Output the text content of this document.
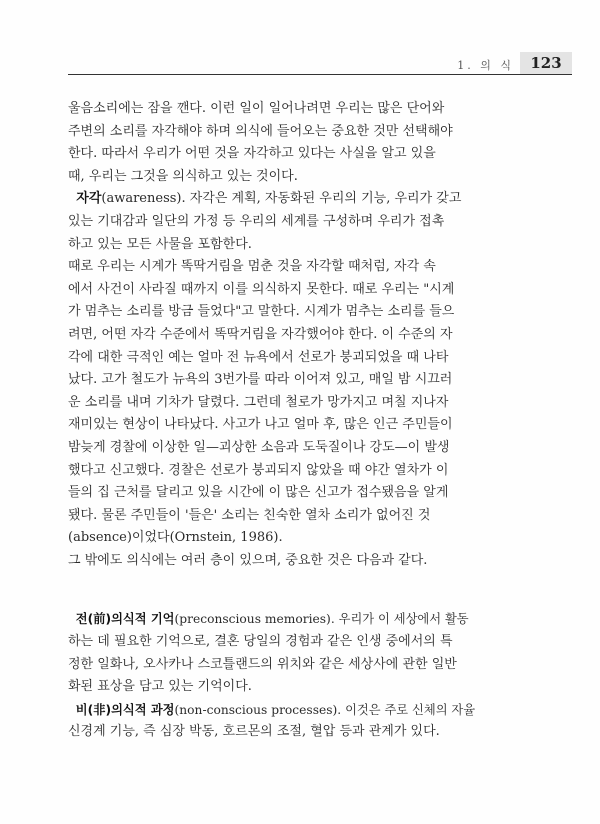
1. 의 식	123
울음소리에는 잠을 깬다. 이런 일이 일어나려면 우리는 많은 단어와
주변의 소리를 자각해야 하며 의식에 들어오는 중요한 것만 선택해야
한다. 따라서 우리가 어떤 것을 자각하고 있다는 사실을 알고 있을
때, 우리는 그것을 의식하고 있는 것이다.
자각(awareness). 자각은 계획, 자동화된 우리의 기능, 우리가 갖고
있는 기대감과 일단의 가정 등 우리의 세계를 구성하며 우리가 접촉
하고 있는 모든 사물을 포함한다.
때로 우리는 시계가 똑딱거림을 멈춘 것을 자각할 때처럼, 자각 속
에서 사건이 사라질 때까지 이를 의식하지 못한다. 때로 우리는 "시계
가 멈추는 소리를 방금 들었다"고 말한다. 시계가 멈추는 소리를 들으
려면, 어떤 자각 수준에서 똑딱거림을 자각했어야 한다. 이 수준의 자
각에 대한 극적인 예는 얼마 전 뉴욕에서 선로가 붕괴되었을 때 나타
났다. 고가 철도가 뉴욕의 3번가를 따라 이어져 있고, 매일 밤 시끄러
운 소리를 내며 기차가 달렸다. 그런데 철로가 망가지고 며칠 지나자
재미있는 현상이 나타났다. 사고가 나고 얼마 후, 많은 인근 주민들이
밤늦게 경찰에 이상한 일—괴상한 소음과 도둑질이나 강도—이 발생
했다고 신고했다. 경찰은 선로가 붕괴되지 않았을 때 야간 열차가 이
들의 집 근처를 달리고 있을 시간에 이 많은 신고가 접수됐음을 알게
됐다. 물론 주민들이 '들은' 소리는 친숙한 열차 소리가 없어진 것
(absence)이었다(Ornstein, 1986).
그 밖에도 의식에는 여러 층이 있으며, 중요한 것은 다음과 같다.
전(前)의식적 기억(preconscious memories). 우리가 이 세상에서 활동
하는 데 필요한 기억으로, 결혼 당일의 경험과 같은 인생 중에서의 특
정한 일화나, 오사카나 스코틀랜드의 위치와 같은 세상사에 관한 일반
화된 표상을 담고 있는 기억이다.
비(非)의식적 과정(non-conscious processes). 이것은 주로 신체의 자율
신경계 기능, 즉 심장 박동, 호르몬의 조절, 혈압 등과 관계가 있다.
